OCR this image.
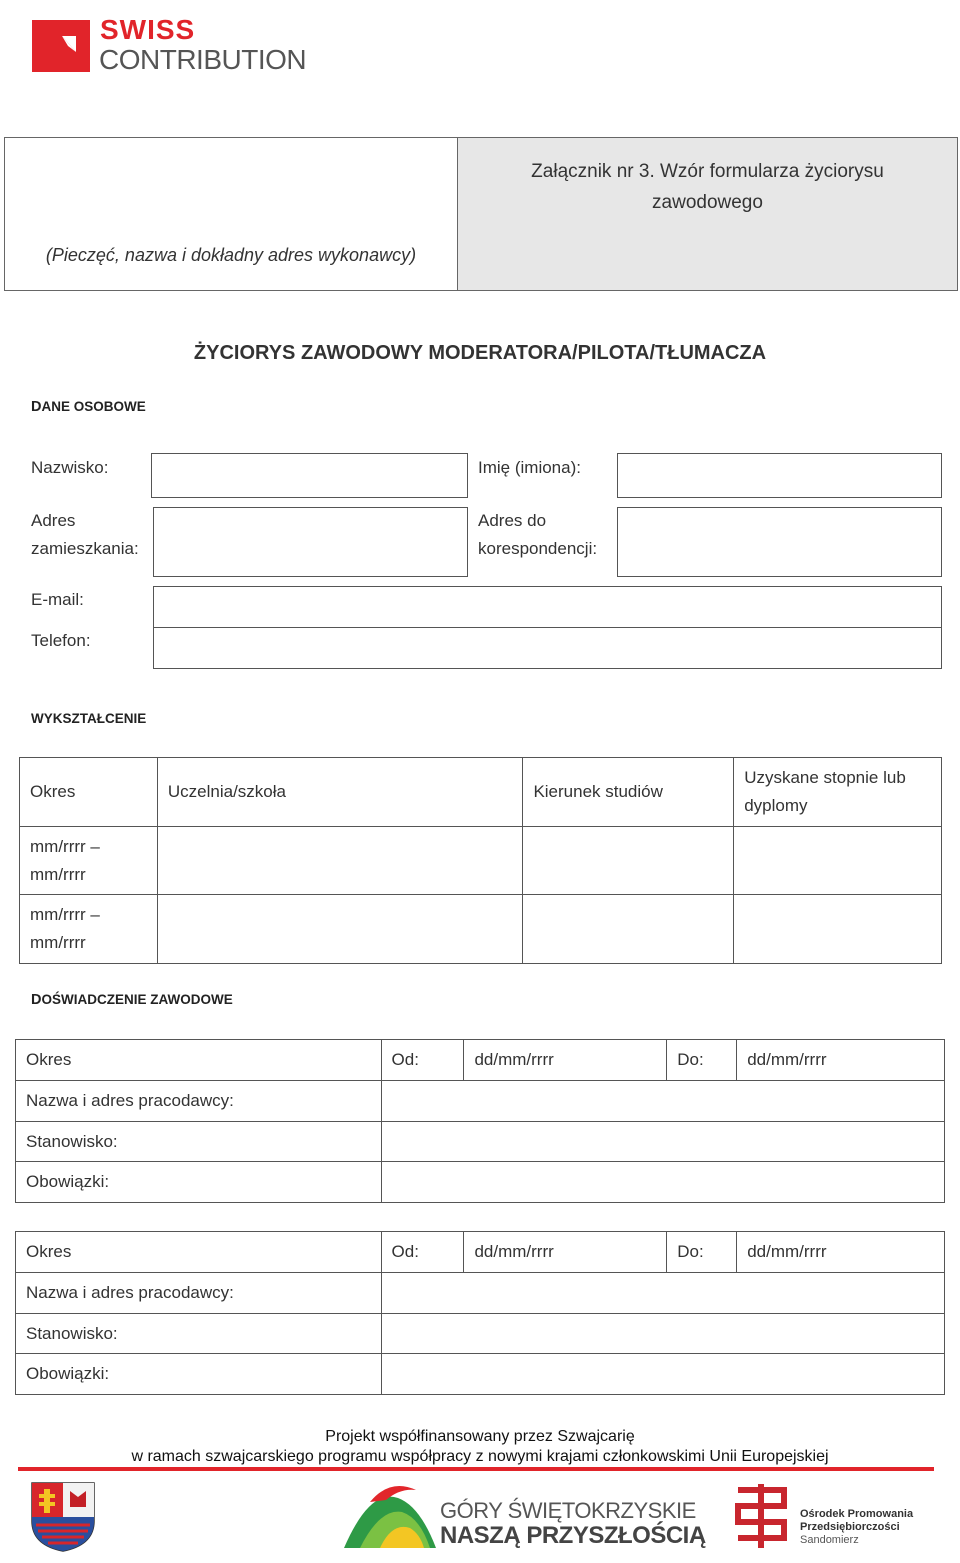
SWISS
CONTRIBUTION
(Pieczęć, nazwa i dokładny adres wykonawcy)
Załącznik nr 3. Wzór formularza życiorysu zawodowego
ŻYCIORYS ZAWODOWY MODERATORA/PILOTA/TŁUMACZA
DANE OSOBOWE
Nazwisko:	Imię (imiona):
Adres
zamieszkania:
Adres do
korespondencji:
E-mail:
Telefon:
WYKSZTAŁCENIE
Okres	Uczelnia/szkoła	Kierunek studiów	Uzyskane stopnie lub dyplomy

mm/rrrr –
mm/rrrr			

mm/rrrr –
mm/rrrr			

DOŚWIADCZENIE ZAWODOWE
Okres	Od:	dd/mm/rrrr	Do:	dd/mm/rrrr
Nazwa i adres pracodawcy:				
Stanowisko:				
Obowiązki:				
Okres	Od:	dd/mm/rrrr	Do:	dd/mm/rrrr
Nazwa i adres pracodawcy:				
Stanowisko:				
Obowiązki:				
Projekt współfinansowany przez Szwajcarię
w ramach szwajcarskiego programu współpracy z nowymi krajami członkowskimi Unii Europejskiej
GÓRY ŚWIĘTOKRZYSKIE
NASZĄ PRZYSZŁOŚCIĄ
Ośrodek Promowania
Przedsiębiorczości
Sandomierz
